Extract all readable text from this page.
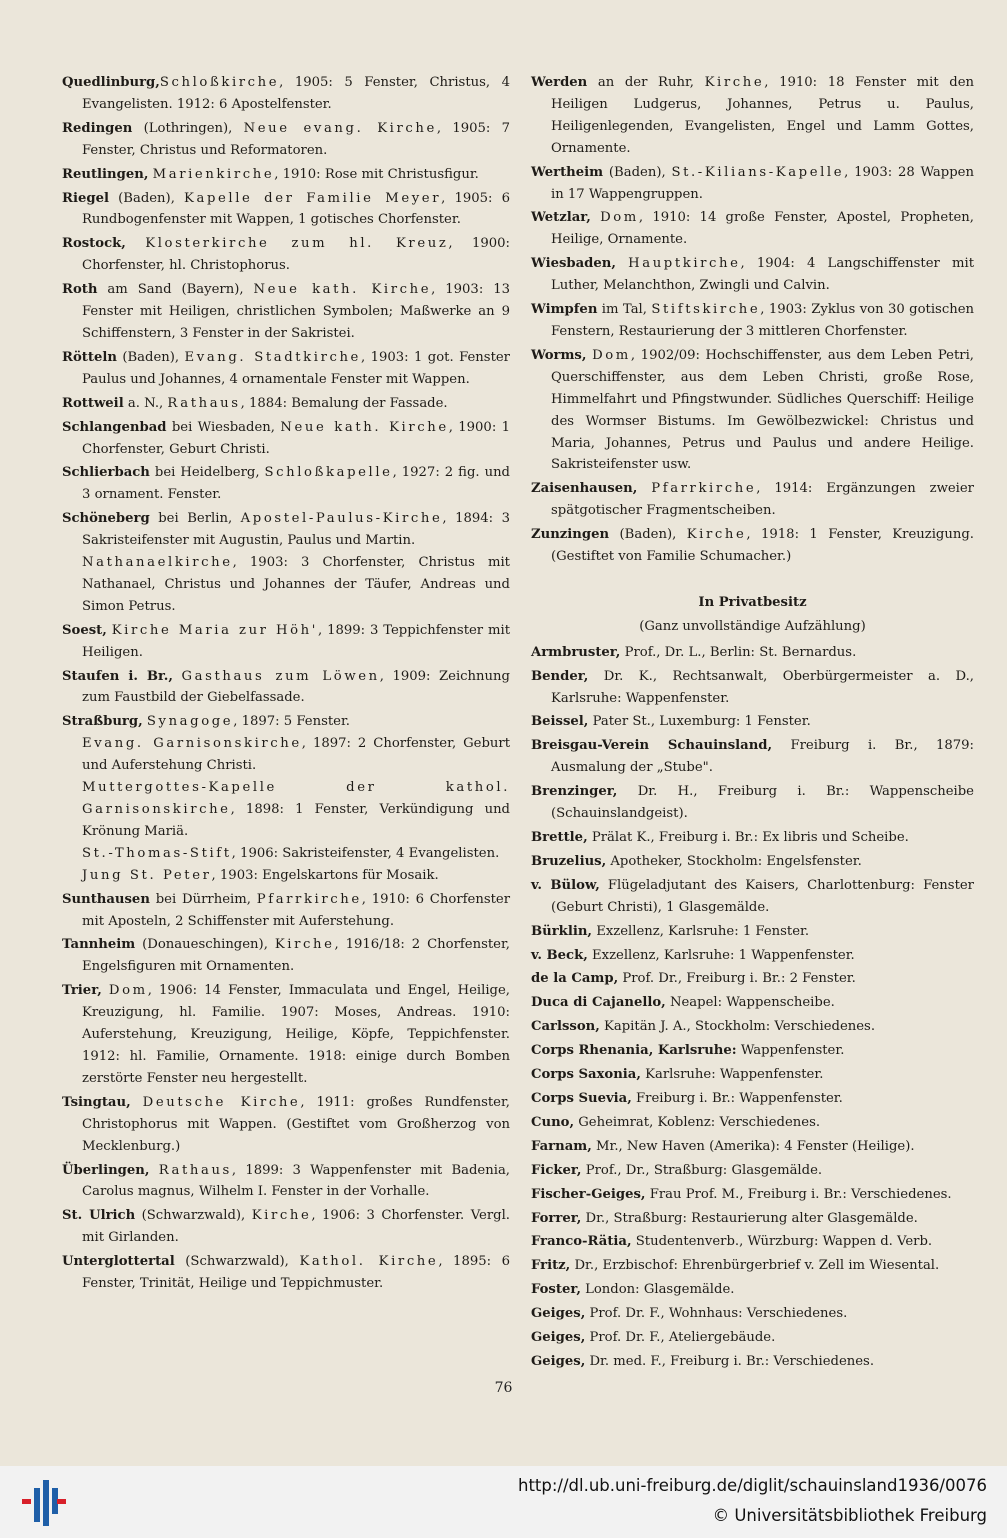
Quedlinburg,Schloßkirche, 1905: 5 Fenster, Christus, 4 Evangelisten. 1912: 6 Apostelfenster.
Redingen (Lothringen), Neue evang. Kirche, 1905: 7 Fenster, Christus und Reformatoren.
Reutlingen, Marienkirche, 1910: Rose mit Christusfigur.
Riegel (Baden), Kapelle der Familie Meyer, 1905: 6 Rundbogenfenster mit Wappen, 1 gotisches Chorfenster.
Rostock, Klosterkirche zum hl. Kreuz, 1900: Chorfenster, hl. Christophorus.
Roth am Sand (Bayern), Neue kath. Kirche, 1903: 13 Fenster mit Heiligen, christlichen Symbolen; Maßwerke an 9 Schiffenstern, 3 Fenster in der Sakristei.
Rötteln (Baden), Evang. Stadtkirche, 1903: 1 got. Fenster Paulus und Johannes, 4 ornamentale Fenster mit Wappen.
Rottweil a. N., Rathaus, 1884: Bemalung der Fassade.
Schlangenbad bei Wiesbaden, Neue kath. Kirche, 1900: 1 Chorfenster, Geburt Christi.
Schlierbach bei Heidelberg, Schloßkapelle, 1927: 2 fig. und 3 ornament. Fenster.
Schöneberg bei Berlin, Apostel-Paulus-Kirche, 1894: 3 Sakristeifenster mit Augustin, Paulus und Martin.
Nathanaelkirche, 1903: 3 Chorfenster, Christus mit Nathanael, Christus und Johannes der Täufer, Andreas und Simon Petrus.
Soest, Kirche Maria zur Höh', 1899: 3 Teppichfenster mit Heiligen.
Staufen i. Br., Gasthaus zum Löwen, 1909: Zeichnung zum Faustbild der Giebelfassade.
Straßburg, Synagoge, 1897: 5 Fenster.
Evang. Garnisonskirche, 1897: 2 Chorfenster, Geburt und Auferstehung Christi.
Muttergottes-Kapelle der kathol. Garnisonskirche, 1898: 1 Fenster, Verkündigung und Krönung Mariä.
St.-Thomas-Stift, 1906: Sakristeifenster, 4 Evangelisten.
Jung St. Peter, 1903: Engelskartons für Mosaik.
Sunthausen bei Dürrheim, Pfarrkirche, 1910: 6 Chorfenster mit Aposteln, 2 Schiffenster mit Auferstehung.
Tannheim (Donaueschingen), Kirche, 1916/18: 2 Chorfenster, Engelsfiguren mit Ornamenten.
Trier, Dom, 1906: 14 Fenster, Immaculata und Engel, Heilige, Kreuzigung, hl. Familie. 1907: Moses, Andreas. 1910: Auferstehung, Kreuzigung, Heilige, Köpfe, Teppichfenster. 1912: hl. Familie, Ornamente. 1918: einige durch Bomben zerstörte Fenster neu hergestellt.
Tsingtau, Deutsche Kirche, 1911: großes Rundfenster, Christophorus mit Wappen. (Gestiftet vom Großherzog von Mecklenburg.)
Überlingen, Rathaus, 1899: 3 Wappenfenster mit Badenia, Carolus magnus, Wilhelm I. Fenster in der Vorhalle.
St. Ulrich (Schwarzwald), Kirche, 1906: 3 Chorfenster. Vergl. mit Girlanden.
Unterglottertal (Schwarzwald), Kathol. Kirche, 1895: 6 Fenster, Trinität, Heilige und Teppichmuster.
Werden an der Ruhr, Kirche, 1910: 18 Fenster mit den Heiligen Ludgerus, Johannes, Petrus u. Paulus, Heiligenlegenden, Evangelisten, Engel und Lamm Gottes, Ornamente.
Wertheim (Baden), St.-Kilians-Kapelle, 1903: 28 Wappen in 17 Wappengruppen.
Wetzlar, Dom, 1910: 14 große Fenster, Apostel, Propheten, Heilige, Ornamente.
Wiesbaden, Hauptkirche, 1904: 4 Langschiffenster mit Luther, Melanchthon, Zwingli und Calvin.
Wimpfen im Tal, Stiftskirche, 1903: Zyklus von 30 gotischen Fenstern, Restaurierung der 3 mittleren Chorfenster.
Worms, Dom, 1902/09: Hochschiffenster, aus dem Leben Petri, Querschiffenster, aus dem Leben Christi, große Rose, Himmelfahrt und Pfingstwunder. Südliches Querschiff: Heilige des Wormser Bistums. Im Gewölbezwickel: Christus und Maria, Johannes, Petrus und Paulus und andere Heilige. Sakristeifenster usw.
Zaisenhausen, Pfarrkirche, 1914: Ergänzungen zweier spätgotischer Fragmentscheiben.
Zunzingen (Baden), Kirche, 1918: 1 Fenster, Kreuzigung. (Gestiftet von Familie Schumacher.)
In Privatbesitz
(Ganz unvollständige Aufzählung)
Armbruster, Prof., Dr. L., Berlin: St. Bernardus.
Bender, Dr. K., Rechtsanwalt, Oberbürgermeister a. D., Karlsruhe: Wappenfenster.
Beissel, Pater St., Luxemburg: 1 Fenster.
Breisgau-Verein Schauinsland, Freiburg i. Br., 1879: Ausmalung der „Stube".
Brenzinger, Dr. H., Freiburg i. Br.: Wappenscheibe (Schauinslandgeist).
Brettle, Prälat K., Freiburg i. Br.: Ex libris und Scheibe.
Bruzelius, Apotheker, Stockholm: Engelsfenster.
v. Bülow, Flügeladjutant des Kaisers, Charlottenburg: Fenster (Geburt Christi), 1 Glasgemälde.
Bürklin, Exzellenz, Karlsruhe: 1 Fenster.
v. Beck, Exzellenz, Karlsruhe: 1 Wappenfenster.
de la Camp, Prof. Dr., Freiburg i. Br.: 2 Fenster.
Duca di Cajanello, Neapel: Wappenscheibe.
Carlsson, Kapitän J. A., Stockholm: Verschiedenes.
Corps Rhenania, Karlsruhe: Wappenfenster.
Corps Saxonia, Karlsruhe: Wappenfenster.
Corps Suevia, Freiburg i. Br.: Wappenfenster.
Cuno, Geheimrat, Koblenz: Verschiedenes.
Farnam, Mr., New Haven (Amerika): 4 Fenster (Heilige).
Ficker, Prof., Dr., Straßburg: Glasgemälde.
Fischer-Geiges, Frau Prof. M., Freiburg i. Br.: Verschiedenes.
Forrer, Dr., Straßburg: Restaurierung alter Glasgemälde.
Franco-Rätia, Studentenverb., Würzburg: Wappen d. Verb.
Fritz, Dr., Erzbischof: Ehrenbürgerbrief v. Zell im Wiesental.
Foster, London: Glasgemälde.
Geiges, Prof. Dr. F., Wohnhaus: Verschiedenes.
Geiges, Prof. Dr. F., Ateliergebäude.
Geiges, Dr. med. F., Freiburg i. Br.: Verschiedenes.
76
http://dl.ub.uni-freiburg.de/diglit/schauinsland1936/0076
© Universitätsbibliothek Freiburg
